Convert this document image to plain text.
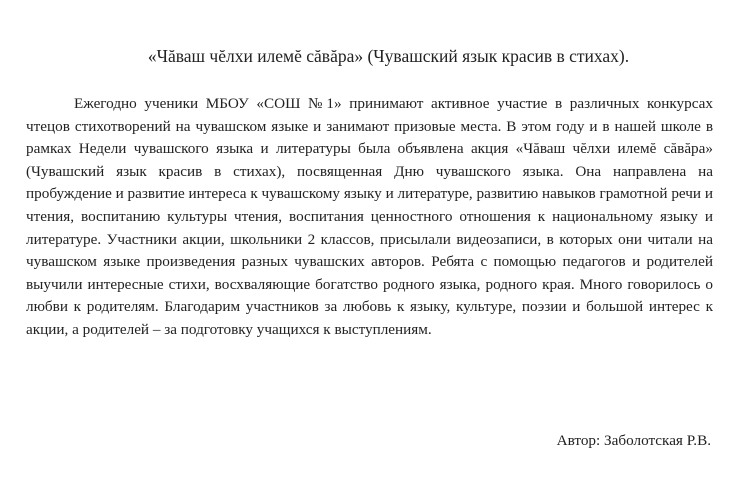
«Чăваш чĕлхи илемĕ сăвăра» (Чувашский язык красив в стихах).

Ежегодно ученики МБОУ «СОШ №1» принимают активное участие в различных конкурсах чтецов стихотворений на чувашском языке и занимают призовые места. В этом году и в нашей школе в рамках Недели чувашского языка и литературы была объявлена акция «Чăваш чĕлхи илемĕ сăвăра» (Чувашский язык красив в стихах), посвященная Дню чувашского языка. Она направлена на пробуждение и развитие интереса к чувашскому языку и литературе, развитию навыков грамотной речи и чтения, воспитанию культуры чтения, воспитания ценностного отношения к национальному языку и литературе. Участники акции, школьники 2 классов, присылали видеозаписи, в которых они читали на чувашском языке произведения разных чувашских авторов. Ребята с помощью педагогов и родителей выучили интересные стихи, восхваляющие богатство родного языка, родного края. Много говорилось о любви к родителям. Благодарим участников за любовь к языку, культуре, поэзии и большой интерес к акции, а родителей – за подготовку учащихся к выступлениям.

Автор: Заболотская Р.В.
